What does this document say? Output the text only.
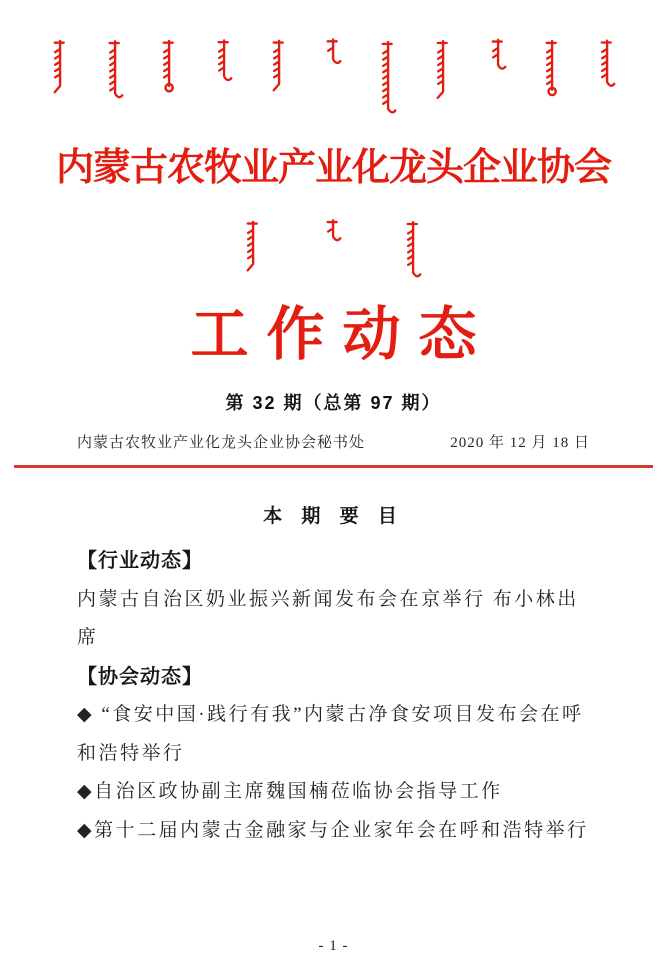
内蒙古农牧业产业化龙头企业协会
工作动态
第 32 期（总第 97 期）
内蒙古农牧业产业化龙头企业协会秘书处	2020 年 12 月 18 日
本 期 要 目
【行业动态】
内蒙古自治区奶业振兴新闻发布会在京举行 布小林出席
【协会动态】
◆ “食安中国·践行有我”内蒙古净食安项目发布会在呼和浩特举行
◆自治区政协副主席魏国楠莅临协会指导工作
◆第十二届内蒙古金融家与企业家年会在呼和浩特举行
- 1 -
